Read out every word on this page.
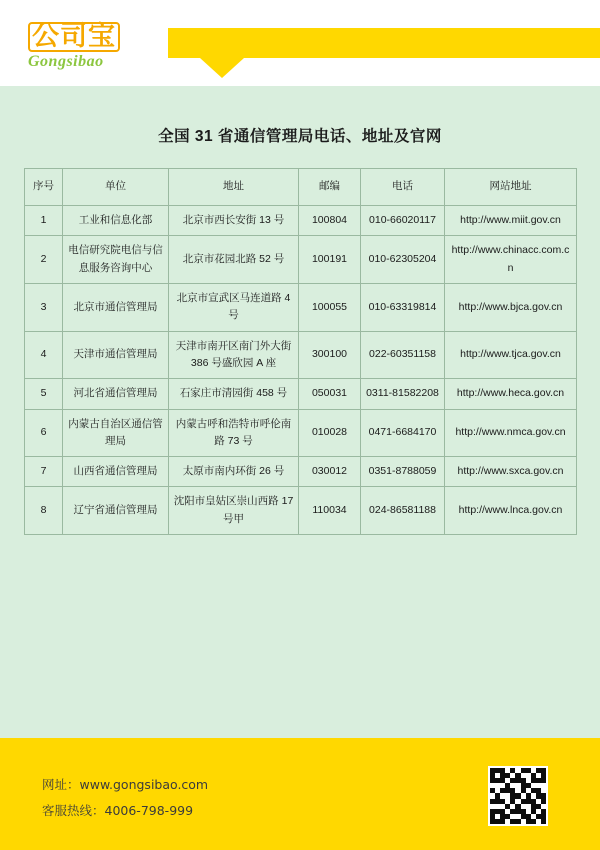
公司宝
Gongsibao
全国 31 省通信管理局电话、地址及官网
序号	单位	地址	邮编	电话	网站地址
1	工业和信息化部	北京市西长安街 13 号	100804	010-66020117	http://www.miit.gov.cn
2	电信研究院电信与信息服务咨询中心	北京市花园北路 52 号	100191	010-62305204	http://www.chinacc.com.cn
3	北京市通信管理局	北京市宣武区马连道路 4 号	100055	010-63319814	http://www.bjca.gov.cn
4	天津市通信管理局	天津市南开区南门外大街 386 号盛欣园 A 座	300100	022-60351158	http://www.tjca.gov.cn
5	河北省通信管理局	石家庄市清园街 458 号	050031	0311-81582208	http://www.heca.gov.cn
6	内蒙古自治区通信管理局	内蒙古呼和浩特市呼伦南路 73 号	010028	0471-6684170	http://www.nmca.gov.cn
7	山西省通信管理局	太原市南内环街 26 号	030012	0351-8788059	http://www.sxca.gov.cn
8	辽宁省通信管理局	沈阳市皇姑区崇山西路 17 号甲	110034	024-86581188	http://www.lnca.gov.cn
网址：www.gongsibao.com
客服热线：4006-798-999
